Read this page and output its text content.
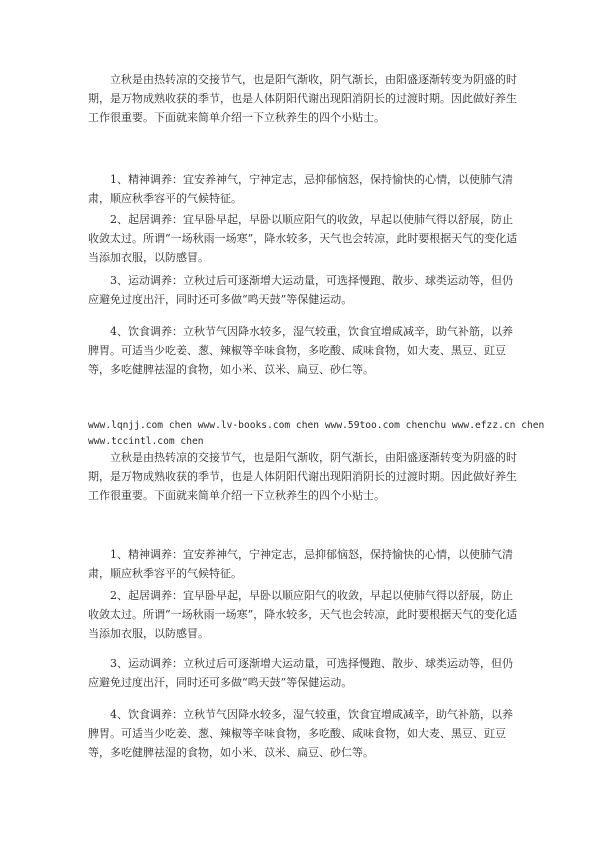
立秋是由热转凉的交接节气，也是阳气渐收，阴气渐长，由阳盛逐渐转变为阴盛的时期，是万物成熟收获的季节，也是人体阴阳代谢出现阳消阴长的过渡时期。因此做好养生工作很重要。下面就来简单介绍一下立秋养生的四个小贴士。

1、精神调养：宜安养神气，宁神定志，忌抑郁恼怒，保持愉快的心情，以使肺气清肃，顺应秋季容平的气候特征。

2、起居调养：宜早卧早起，早卧以顺应阳气的收敛，早起以使肺气得以舒展，防止收敛太过。所谓“一场秋雨一场寒”，降水较多，天气也会转凉，此时要根据天气的变化适当添加衣服，以防感冒。

3、运动调养：立秋过后可逐渐增大运动量，可选择慢跑、散步、球类运动等，但仍应避免过度出汗，同时还可多做“鸣天鼓”等保健运动。

4、饮食调养：立秋节气因降水较多，湿气较重，饮食宜增咸减辛，助气补筋，以养脾胃。可适当少吃姜、葱、辣椒等辛味食物，多吃酸、咸味食物，如大麦、黑豆、豇豆等，多吃健脾祛湿的食物，如小米、苡米、扁豆、砂仁等。

www.lqnjj.com chen www.lv-books.com chen www.59too.com chenchu www.efzz.cn chen
www.tccintl.com chen

立秋是由热转凉的交接节气，也是阳气渐收，阴气渐长，由阳盛逐渐转变为阴盛的时期，是万物成熟收获的季节，也是人体阴阳代谢出现阳消阴长的过渡时期。因此做好养生工作很重要。下面就来简单介绍一下立秋养生的四个小贴士。

1、精神调养：宜安养神气，宁神定志，忌抑郁恼怒，保持愉快的心情，以使肺气清肃，顺应秋季容平的气候特征。

2、起居调养：宜早卧早起，早卧以顺应阳气的收敛，早起以使肺气得以舒展，防止收敛太过。所谓“一场秋雨一场寒”，降水较多，天气也会转凉，此时要根据天气的变化适当添加衣服，以防感冒。

3、运动调养：立秋过后可逐渐增大运动量，可选择慢跑、散步、球类运动等，但仍应避免过度出汗，同时还可多做“鸣天鼓”等保健运动。

4、饮食调养：立秋节气因降水较多，湿气较重，饮食宜增咸减辛，助气补筋，以养脾胃。可适当少吃姜、葱、辣椒等辛味食物，多吃酸、咸味食物，如大麦、黑豆、豇豆等，多吃健脾祛湿的食物，如小米、苡米、扁豆、砂仁等。
